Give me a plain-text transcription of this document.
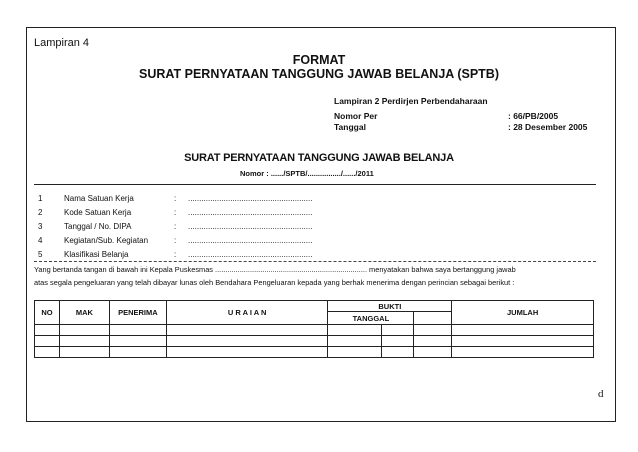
Lampiran 4
FORMAT
SURAT PERNYATAAN TANGGUNG JAWAB BELANJA (SPTB)
Lampiran 2 Perdirjen Perbendaharaan
Nomor Per	: 66/PB/2005
Tanggal	: 28 Desember 2005
SURAT PERNYATAAN TANGGUNG JAWAB BELANJA
Nomor : ....../SPTB/................/....../2011
1	Nama Satuan Kerja	: ........................................................
2	Kode Satuan Kerja	: ........................................................
3	Tanggal / No. DIPA	: ........................................................
4	Kegiatan/Sub. Kegiatan	: ........................................................
5	Klasifikasi Belanja	: ........................................................
Yang bertanda tangan di bawah ini Kepala Puskesmas .......................................................................... menyatakan bahwa saya bertanggung jawab
atas segala pengeluaran yang telah dibayar lunas oleh Bendahara Pengeluaran kepada yang berhak menerima dengan perincian sebagai berikut :
NO	MAK	PENERIMA	U R A I A N	BUKTI			JUMLAH
				TANGGAL			

d
